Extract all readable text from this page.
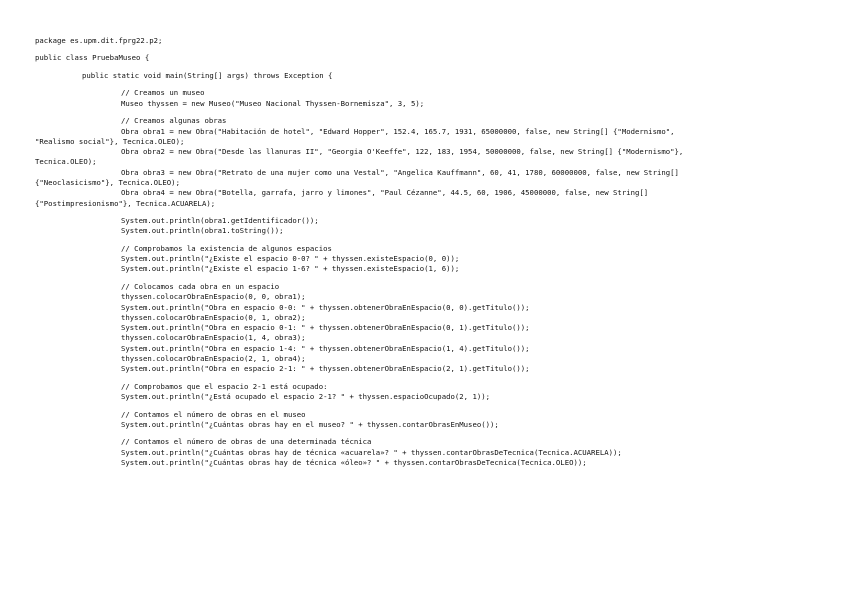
package es.upm.dit.fprg22.p2;
public class PruebaMuseo {
public static void main(String[] args) throws Exception {
// Creamos un museo
Museo thyssen = new Museo("Museo Nacional Thyssen-Bornemisza", 3, 5);
// Creamos algunas obras
Obra obra1 = new Obra("Habitación de hotel", "Edward Hopper", 152.4, 165.7, 1931, 65000000, false, new String[] {"Modernismo",
"Realismo social"}, Tecnica.OLEO);
Obra obra2 = new Obra("Desde las llanuras II", "Georgia O'Keeffe", 122, 183, 1954, 50000000, false, new String[] {"Modernismo"},
Tecnica.OLEO);
Obra obra3 = new Obra("Retrato de una mujer como una Vestal", "Angelica Kauffmann", 60, 41, 1780, 60000000, false, new String[]
{"Neoclasicismo"}, Tecnica.OLEO);
Obra obra4 = new Obra("Botella, garrafa, jarro y limones", "Paul Cézanne", 44.5, 60, 1906, 45000000, false, new String[]
{"Postimpresionismo"}, Tecnica.ACUARELA);
System.out.println(obra1.getIdentificador());
System.out.println(obra1.toString());
// Comprobamos la existencia de algunos espacios
System.out.println("¿Existe el espacio 0-0? " + thyssen.existeEspacio(0, 0));
System.out.println("¿Existe el espacio 1-6? " + thyssen.existeEspacio(1, 6));
// Colocamos cada obra en un espacio
thyssen.colocarObraEnEspacio(0, 0, obra1);
System.out.println("Obra en espacio 0-0: " + thyssen.obtenerObraEnEspacio(0, 0).getTitulo());
thyssen.colocarObraEnEspacio(0, 1, obra2);
System.out.println("Obra en espacio 0-1: " + thyssen.obtenerObraEnEspacio(0, 1).getTitulo());
thyssen.colocarObraEnEspacio(1, 4, obra3);
System.out.println("Obra en espacio 1-4: " + thyssen.obtenerObraEnEspacio(1, 4).getTitulo());
thyssen.colocarObraEnEspacio(2, 1, obra4);
System.out.println("Obra en espacio 2-1: " + thyssen.obtenerObraEnEspacio(2, 1).getTitulo());
// Comprobamos que el espacio 2-1 está ocupado:
System.out.println("¿Está ocupado el espacio 2-1? " + thyssen.espacioOcupado(2, 1));
// Contamos el número de obras en el museo
System.out.println("¿Cuántas obras hay en el museo? " + thyssen.contarObrasEnMuseo());
// Contamos el número de obras de una determinada técnica
System.out.println("¿Cuántas obras hay de técnica «acuarela»? " + thyssen.contarObrasDeTecnica(Tecnica.ACUARELA));
System.out.println("¿Cuántas obras hay de técnica «óleo»? " + thyssen.contarObrasDeTecnica(Tecnica.OLEO));
